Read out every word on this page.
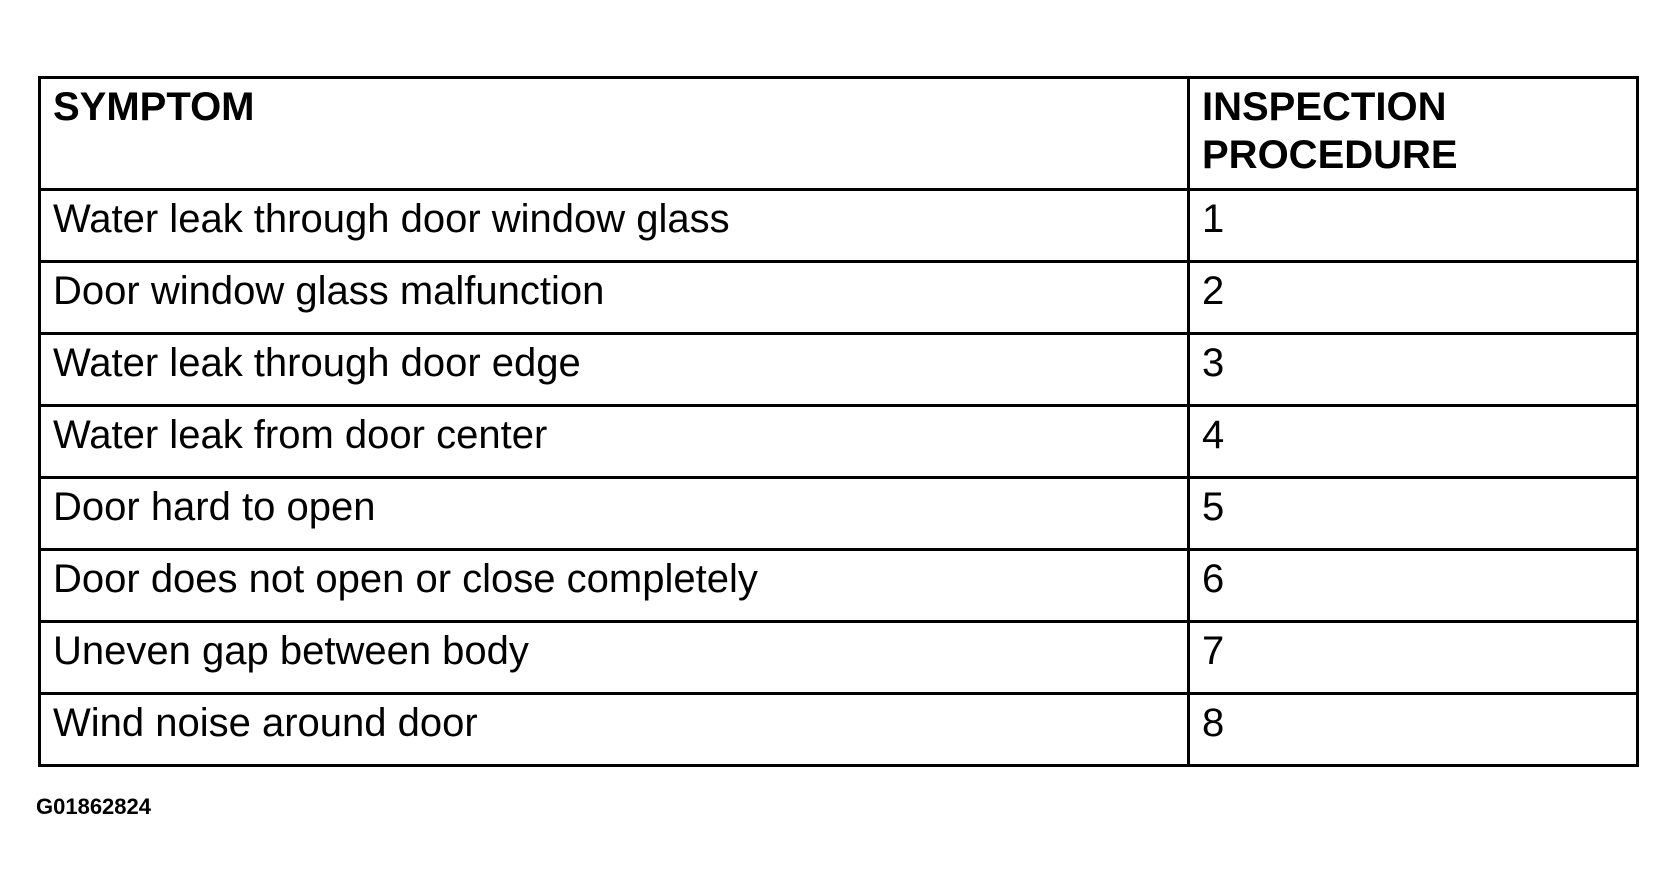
SYMPTOM	INSPECTION
PROCEDURE

Water leak through door window glass	1
Door window glass malfunction	2
Water leak through door edge	3
Water leak from door center	4
Door hard to open	5
Door does not open or close completely	6
Uneven gap between body	7
Wind noise around door	8
G01862824
